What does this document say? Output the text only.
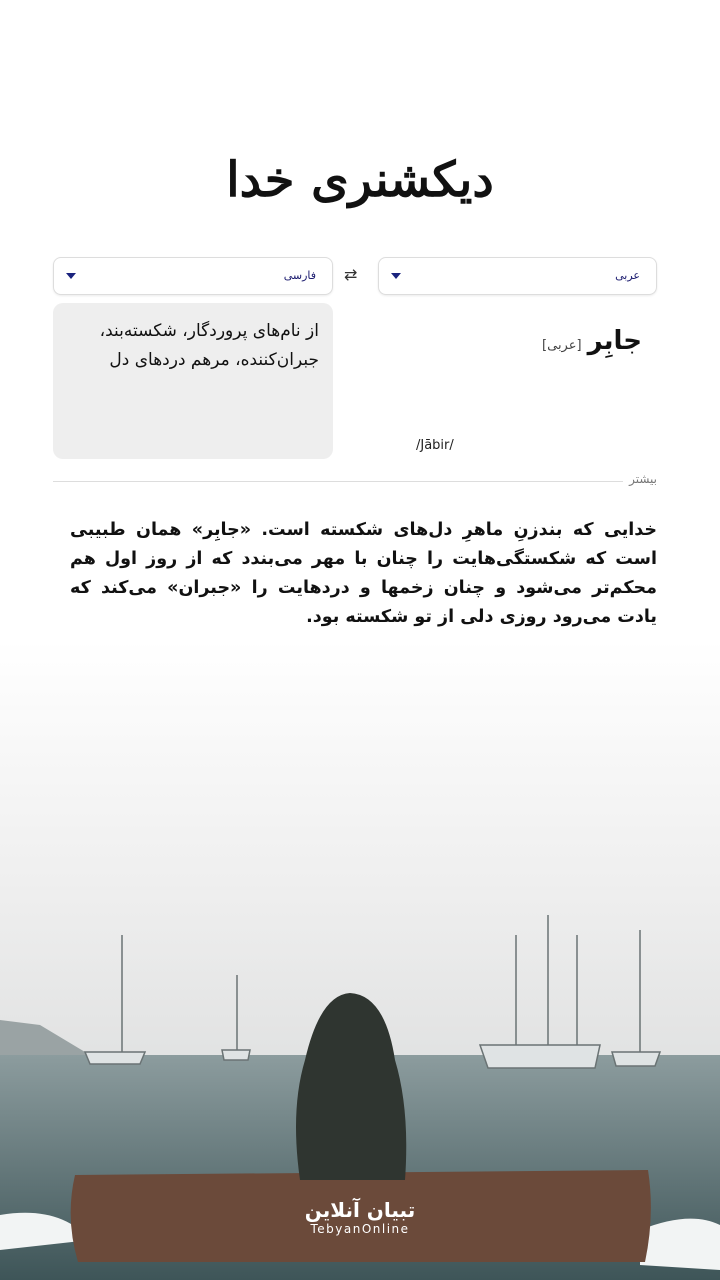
دیکشنری خدا
عربی
⇄
فارسی
از نام‌های پروردگار، شکسته‌بند، جبران‌کننده، مرهم دردهای دل
جابِر[عربی]
/Jābir/
بیشتر
خدایی که بندزنِ ماهرِ دل‌های شکسته است. «جابِر» همان طبیبی است که شکستگی‌هایت را چنان با مهر می‌بندد که از روز اول هم محکم‌تر می‌شود و چنان زخمها و دردهایت را «جبران» می‌کند که یادت می‌رود روزی دلی از تو شکسته بود.
تبیان آنلاین
TebyanOnline
